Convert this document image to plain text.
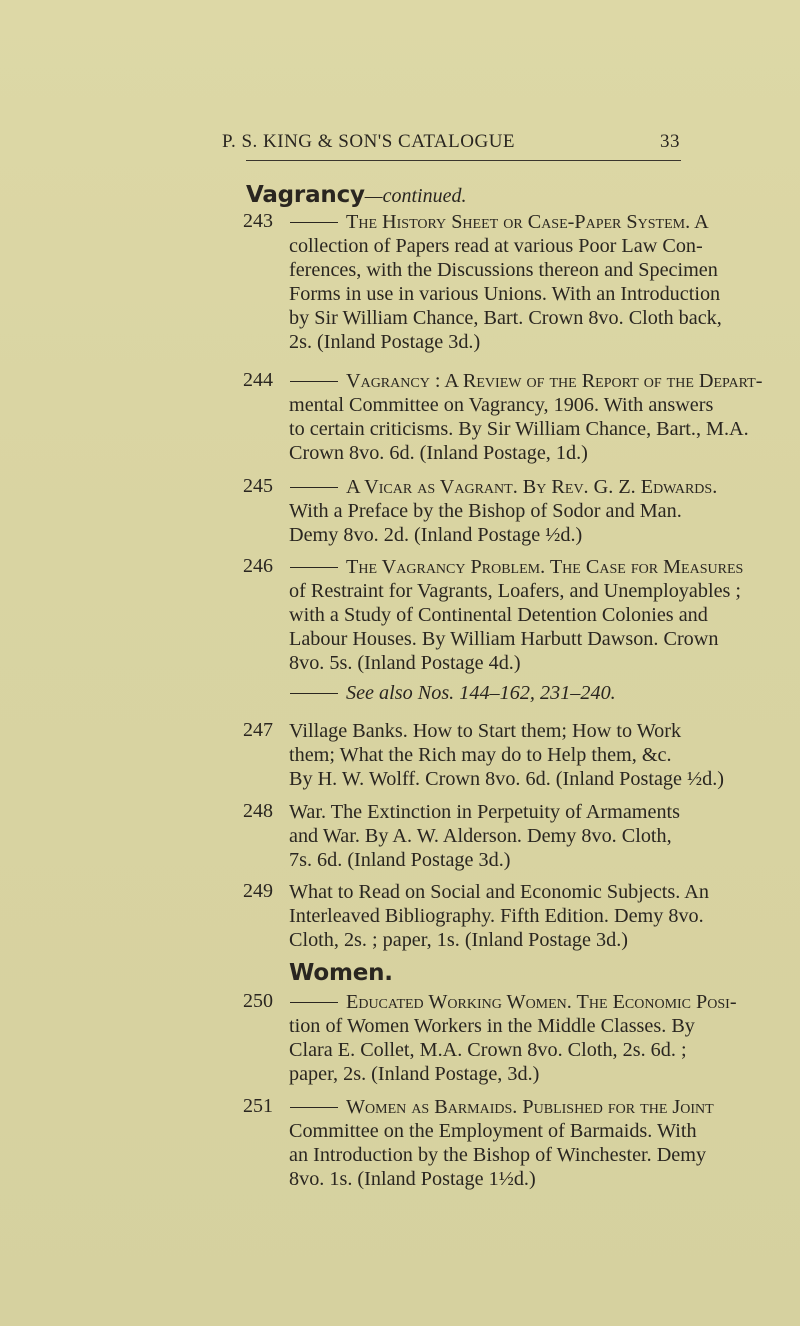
P. S. KING & SON'S CATALOGUE	33
Vagrancy—continued.
243	The History Sheet or Case-Paper System. A
collection of Papers read at various Poor Law Con-
ferences, with the Discussions thereon and Specimen
Forms in use in various Unions. With an Introduction
by Sir William Chance, Bart. Crown 8vo. Cloth back,
2s. (Inland Postage 3d.)
244	Vagrancy : A Review of the Report of the Depart-
mental Committee on Vagrancy, 1906. With answers
to certain criticisms. By Sir William Chance, Bart., M.A.
Crown 8vo. 6d. (Inland Postage, 1d.)
245	A Vicar as Vagrant. By Rev. G. Z. Edwards.
With a Preface by the Bishop of Sodor and Man.
Demy 8vo. 2d. (Inland Postage ½d.)
246	The Vagrancy Problem. The Case for Measures
of Restraint for Vagrants, Loafers, and Unemployables ;
with a Study of Continental Detention Colonies and
Labour Houses. By William Harbutt Dawson. Crown
8vo. 5s. (Inland Postage 4d.)
See also Nos. 144–162, 231–240.
247 Village Banks. How to Start them; How to Work
them; What the Rich may do to Help them, &c.
By H. W. Wolff. Crown 8vo. 6d. (Inland Postage ½d.)
248 War. The Extinction in Perpetuity of Armaments
and War. By A. W. Alderson. Demy 8vo. Cloth,
7s. 6d. (Inland Postage 3d.)
249 What to Read on Social and Economic Subjects. An
Interleaved Bibliography. Fifth Edition. Demy 8vo.
Cloth, 2s. ; paper, 1s. (Inland Postage 3d.)
Women.
250	Educated Working Women. The Economic Posi-
tion of Women Workers in the Middle Classes. By
Clara E. Collet, M.A. Crown 8vo. Cloth, 2s. 6d. ;
paper, 2s. (Inland Postage, 3d.)
251	Women as Barmaids. Published for the Joint
Committee on the Employment of Barmaids. With
an Introduction by the Bishop of Winchester. Demy
8vo. 1s. (Inland Postage 1½d.)
